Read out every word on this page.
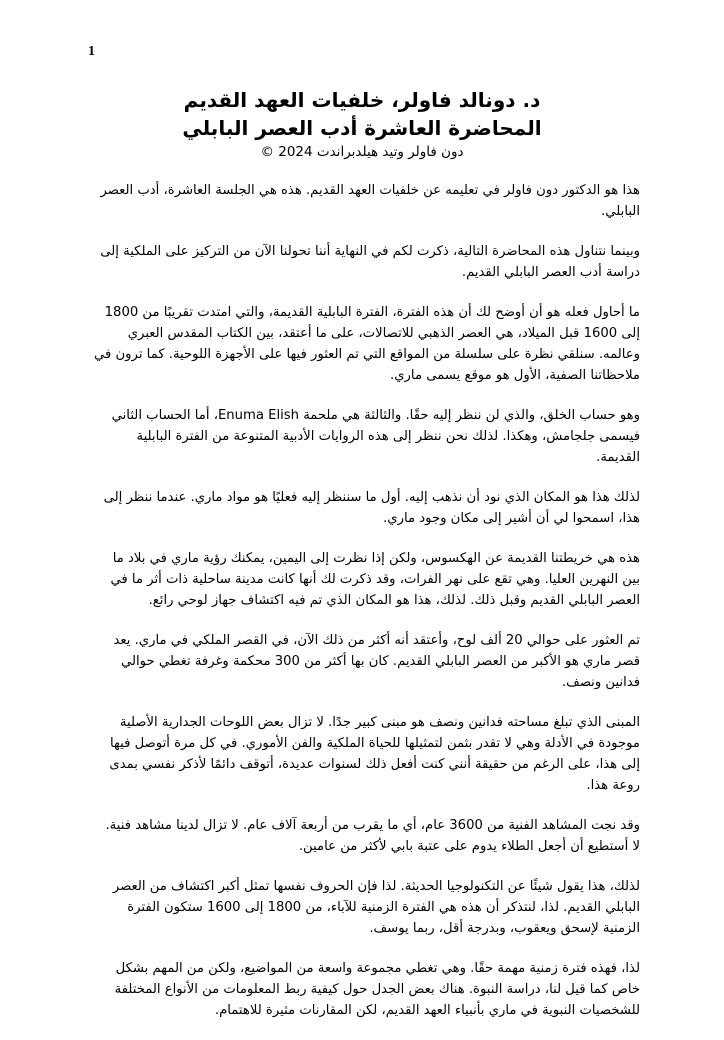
1

د. دونالد فاولر، خلفيات العهد القديم

المحاضرة العاشرة أدب العصر البابلي

دون فاولر وتيد هيلدبراندت 2024 ©

هذا هو الدكتور دون فاولر في تعليمه عن خلفيات العهد القديم. هذه هي الجلسة العاشرة، أدب العصر البابلي.

وبينما نتناول هذه المحاضرة التالية، ذكرت لكم في النهاية أننا تحولنا الآن من التركيز على الملكية إلى دراسة أدب العصر البابلي القديم.

ما أحاول فعله هو أن أوضح لك أن هذه الفترة، الفترة البابلية القديمة، والتي امتدت تقريبًا من 1800 إلى 1600 قبل الميلاد، هي العصر الذهبي للاتصالات، على ما أعتقد، بين الكتاب المقدس العبري وعالمه. سنلقي نظرة على سلسلة من المواقع التي تم العثور فيها على الأجهزة اللوحية. كما ترون في ملاحظاتنا الصفية، الأول هو موقع يسمى ماري.

وهو حساب الخلق، والذي لن ننظر إليه حقًا. والثالثة هي ملحمة Enuma Elish، أما الحساب الثاني فيسمى جلجامش، وهكذا. لذلك نحن ننظر إلى هذه الروايات الأدبية المتنوعة من الفترة البابلية القديمة.

لذلك هذا هو المكان الذي نود أن نذهب إليه. أول ما سننظر إليه فعليًا هو مواد ماري. عندما ننظر إلى هذا، اسمحوا لي أن أشير إلى مكان وجود ماري.

هذه هي خريطتنا القديمة عن الهكسوس، ولكن إذا نظرت إلى اليمين، يمكنك رؤية ماري في بلاد ما بين النهرين العليا. وهي تقع على نهر الفرات، وقد ذكرت لك أنها كانت مدينة ساحلية ذات أثر ما في العصر البابلي القديم وقبل ذلك. لذلك، هذا هو المكان الذي تم فيه اكتشاف جهاز لوحي رائع.

تم العثور على حوالي 20 ألف لوح، وأعتقد أنه أكثر من ذلك الآن، في القصر الملكي في ماري. يعد قصر ماري هو الأكبر من العصر البابلي القديم. كان بها أكثر من 300 محكمة وغرفة تغطي حوالي فدانين ونصف.

المبنى الذي تبلغ مساحته فدانين ونصف هو مبنى كبير جدًا. لا تزال بعض اللوحات الجدارية الأصلية موجودة في الأدلة وهي لا تقدر بثمن لتمثيلها للحياة الملكية والفن الأموري. في كل مرة أتوصل فيها إلى هذا، على الرغم من حقيقة أنني كنت أفعل ذلك لسنوات عديدة، أتوقف دائمًا لأذكر نفسي بمدى روعة هذا.

وقد نجت المشاهد الفنية من 3600 عام، أي ما يقرب من أربعة آلاف عام. لا تزال لدينا مشاهد فنية. لا أستطيع أن أجعل الطلاء يدوم على عتبة بابي لأكثر من عامين.

لذلك، هذا يقول شيئًا عن التكنولوجيا الحديثة. لذا فإن الحروف نفسها تمثل أكبر اكتشاف من العصر البابلي القديم. لذا، لنتذكر أن هذه هي الفترة الزمنية للآباء، من 1800 إلى 1600 ستكون الفترة الزمنية لإسحق ويعقوب، وبدرجة أقل، ربما يوسف.

لذا، فهذه فترة زمنية مهمة حقًا. وهي تغطي مجموعة واسعة من المواضيع، ولكن من المهم بشكل خاص كما قيل لنا، دراسة النبوة. هناك بعض الجدل حول كيفية ربط المعلومات من الأنواع المختلفة للشخصيات النبوية في ماري بأنبياء العهد القديم، لكن المقارنات مثيرة للاهتمام.
